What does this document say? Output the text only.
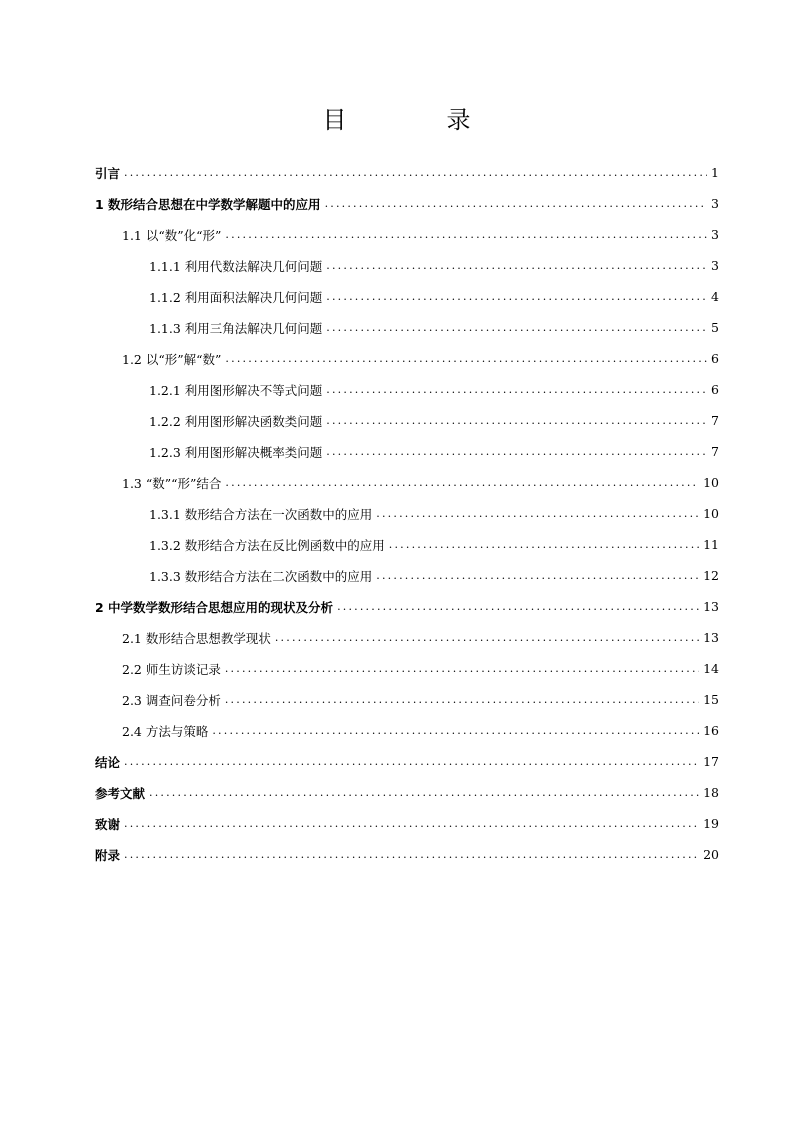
目　录
引言 .....	1
1 数形结合思想在中学数学解题中的应用 .....	3
1.1 以“数”化“形” .....	3
1.1.1 利用代数法解决几何问题 .....	3
1.1.2 利用面积法解决几何问题 .....	4
1.1.3 利用三角法解决几何问题 .....	5
1.2 以“形”解“数” .....	6
1.2.1 利用图形解决不等式问题 .....	6
1.2.2 利用图形解决函数类问题 .....	7
1.2.3 利用图形解决概率类问题 .....	7
1.3 “数”“形”结合 .....	10
1.3.1 数形结合方法在一次函数中的应用 .....	10
1.3.2 数形结合方法在反比例函数中的应用 .....	11
1.3.3 数形结合方法在二次函数中的应用 .....	12
2 中学数学数形结合思想应用的现状及分析 .....	13
2.1 数形结合思想教学现状 .....	13
2.2 师生访谈记录 .....	14
2.3 调查问卷分析 .....	15
2.4 方法与策略 .....	16
结论 .....	17
参考文献 .....	18
致谢 .....	19
附录 .....	20
